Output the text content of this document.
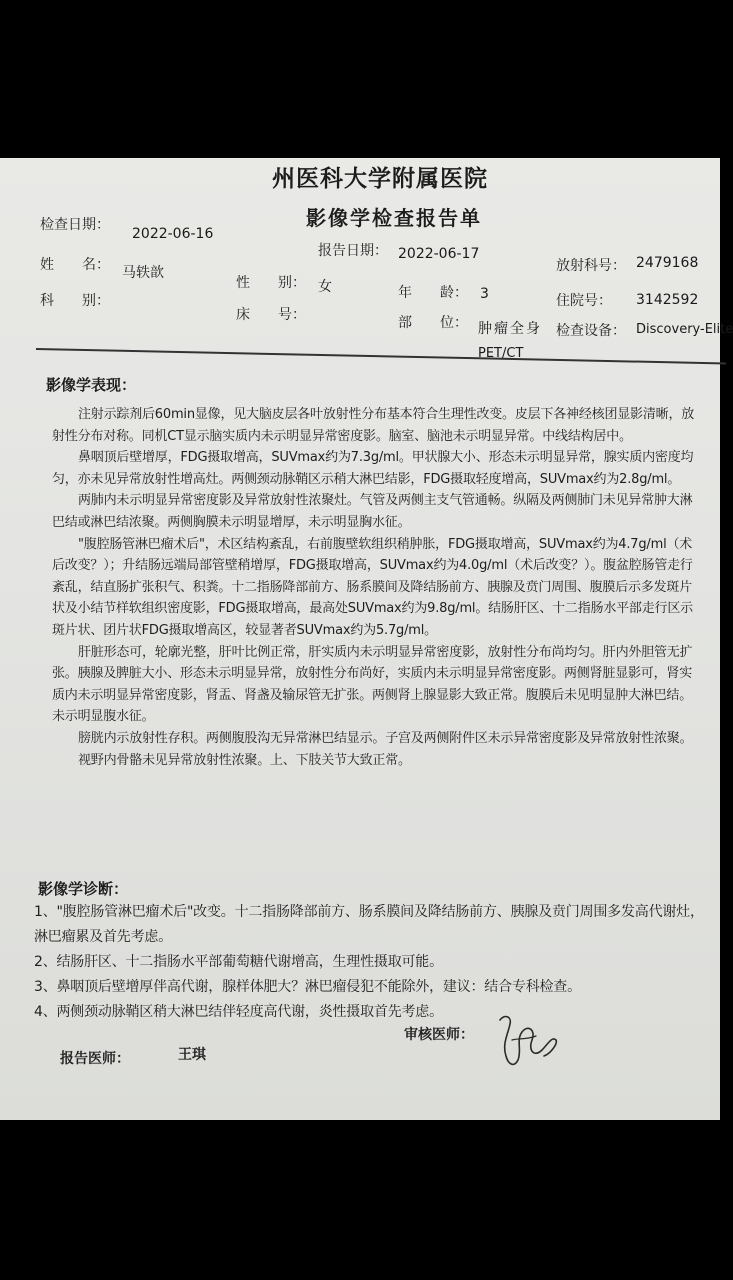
州医科大学附属医院
影像学检查报告单
检查日期：
2022-06-16
报告日期： 2022-06-17
放射科号： 2479168
姓　　名： 马轶歆
性　　别： 女	年　　龄： 3	住院号： 3142592
科　　别：
床　　号：	部　　位： 肿瘤全身 检查设备： Discovery-Elite
PET/CT
影像学表现：

注射示踪剂后60min显像，见大脑皮层各叶放射性分布基本符合生理性改变。皮层下各神经核团显影清晰，放射性分布对称。同机CT显示脑实质内未示明显异常密度影。脑室、脑池未示明显异常。中线结构居中。

鼻咽顶后壁增厚，FDG摄取增高，SUVmax约为7.3g/ml。甲状腺大小、形态未示明显异常，腺实质内密度均匀，亦未见异常放射性增高灶。两侧颈动脉鞘区示稍大淋巴结影，FDG摄取轻度增高，SUVmax约为2.8g/ml。

两肺内未示明显异常密度影及异常放射性浓聚灶。气管及两侧主支气管通畅。纵隔及两侧肺门未见异常肿大淋巴结或淋巴结浓聚。两侧胸膜未示明显增厚，未示明显胸水征。

"腹腔肠管淋巴瘤术后"，术区结构紊乱，右前腹壁软组织稍肿胀，FDG摄取增高，SUVmax约为4.7g/ml（术后改变？）；升结肠远端局部管壁稍增厚，FDG摄取增高，SUVmax约为4.0g/ml（术后改变？）。腹盆腔肠管走行紊乱，结直肠扩张积气、积粪。十二指肠降部前方、肠系膜间及降结肠前方、胰腺及贲门周围、腹膜后示多发斑片状及小结节样软组织密度影，FDG摄取增高，最高处SUVmax约为9.8g/ml。结肠肝区、十二指肠水平部走行区示斑片状、团片状FDG摄取增高区，较显著者SUVmax约为5.7g/ml。

肝脏形态可，轮廓光整，肝叶比例正常，肝实质内未示明显异常密度影，放射性分布尚均匀。肝内外胆管无扩张。胰腺及脾脏大小、形态未示明显异常，放射性分布尚好，实质内未示明显异常密度影。两侧肾脏显影可，肾实质内未示明显异常密度影，肾盂、肾盏及输尿管无扩张。两侧肾上腺显影大致正常。腹膜后未见明显肿大淋巴结。未示明显腹水征。

膀胱内示放射性存积。两侧腹股沟无异常淋巴结显示。子宫及两侧附件区未示异常密度影及异常放射性浓聚。

视野内骨骼未见异常放射性浓聚。上、下肢关节大致正常。

影像学诊断：

1、"腹腔肠管淋巴瘤术后"改变。十二指肠降部前方、肠系膜间及降结肠前方、胰腺及贲门周围多发高代谢灶，淋巴瘤累及首先考虑。

2、结肠肝区、十二指肠水平部葡萄糖代谢增高，生理性摄取可能。

3、鼻咽顶后壁增厚伴高代谢，腺样体肥大？淋巴瘤侵犯不能除外，建议：结合专科检查。

4、两侧颈动脉鞘区稍大淋巴结伴轻度高代谢，炎性摄取首先考虑。

审核医师：
报告医师：	王琪
